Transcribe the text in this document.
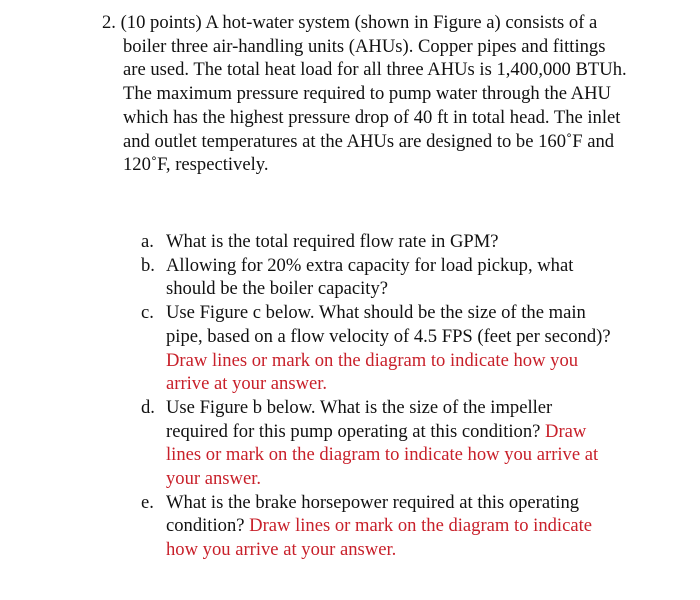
2. (10 points) A hot-water system (shown in Figure a) consists of a boiler three air-handling units (AHUs). Copper pipes and fittings are used. The total heat load for all three AHUs is 1,400,000 BTUh. The maximum pressure required to pump water through the AHU which has the highest pressure drop of 40 ft in total head. The inlet and outlet temperatures at the AHUs are designed to be 160˚F and 120˚F, respectively.

a. What is the total required flow rate in GPM?
b. Allowing for 20% extra capacity for load pickup, what should be the boiler capacity?
c. Use Figure c below. What should be the size of the main pipe, based on a flow velocity of 4.5 FPS (feet per second)? Draw lines or mark on the diagram to indicate how you arrive at your answer.
d. Use Figure b below. What is the size of the impeller required for this pump operating at this condition? Draw lines or mark on the diagram to indicate how you arrive at your answer.
e. What is the brake horsepower required at this operating condition? Draw lines or mark on the diagram to indicate how you arrive at your answer.
